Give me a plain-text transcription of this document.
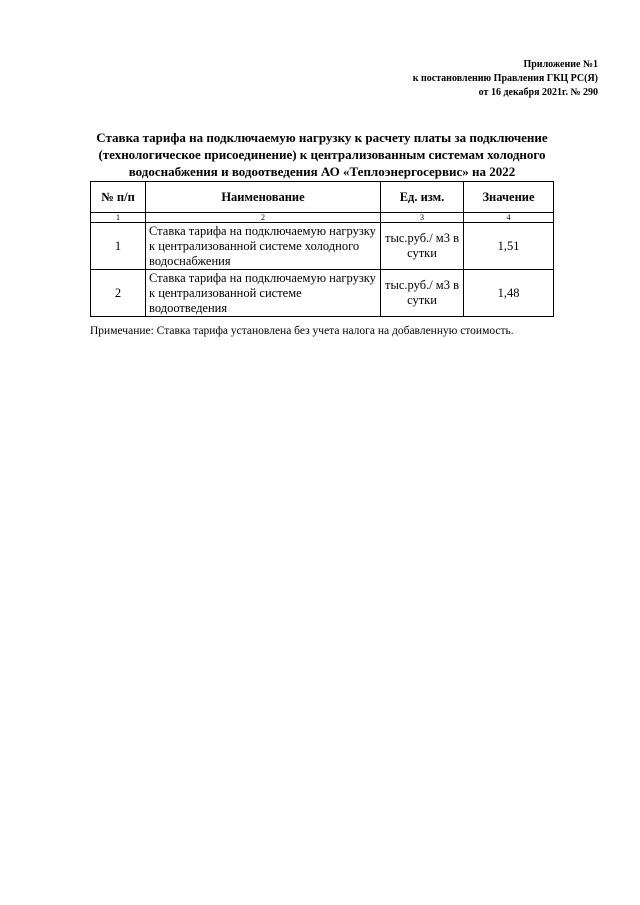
Приложение №1
к постановлению Правления ГКЦ РС(Я)
от 16 декабря 2021г. № 290
Ставка тарифа на подключаемую нагрузку к расчету платы за подключение (технологическое присоединение) к централизованным системам холодного водоснабжения и водоотведения АО «Теплоэнергосервис» на 2022
№ п/п	Наименование	Ед. изм.	Значение
1	2	3	4
1	Ставка тарифа на подключаемую нагрузку к централизованной системе холодного водоснабжения	тыс.руб./ м3 в сутки	1,51
2	Ставка тарифа на подключаемую нагрузку к централизованной системе водоотведения	тыс.руб./ м3 в сутки	1,48
Примечание: Ставка тарифа установлена без учета налога на добавленную стоимость.
